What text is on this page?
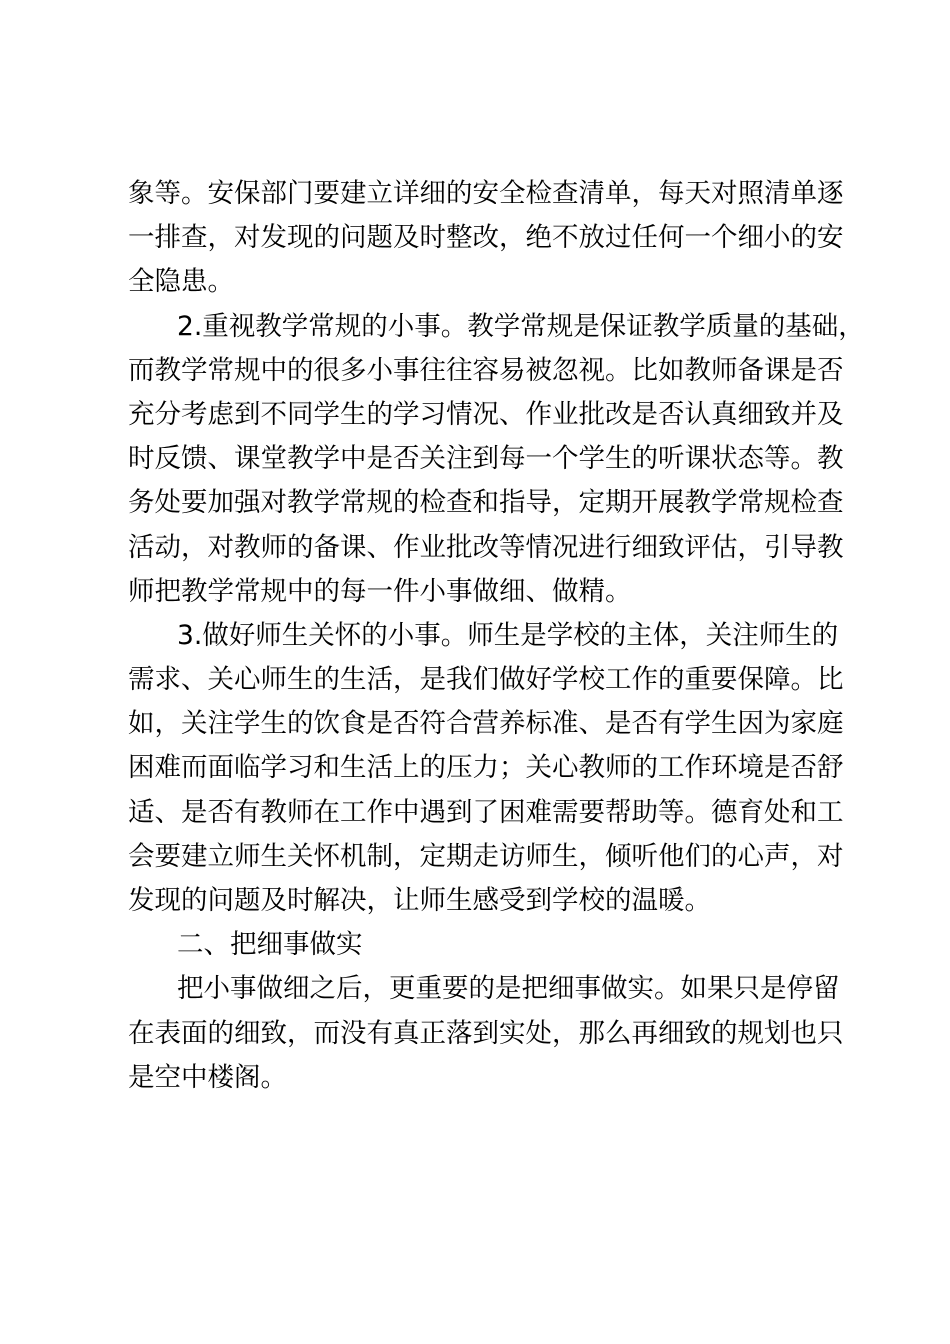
象等。安保部门要建立详细的安全检查清单，每天对照清单逐
一排查，对发现的问题及时整改，绝不放过任何一个细小的安
全隐患。
2.重视教学常规的小事。教学常规是保证教学质量的基础，
而教学常规中的很多小事往往容易被忽视。比如教师备课是否
充分考虑到不同学生的学习情况、作业批改是否认真细致并及
时反馈、课堂教学中是否关注到每一个学生的听课状态等。教
务处要加强对教学常规的检查和指导，定期开展教学常规检查
活动，对教师的备课、作业批改等情况进行细致评估，引导教
师把教学常规中的每一件小事做细、做精。
3.做好师生关怀的小事。师生是学校的主体，关注师生的
需求、关心师生的生活，是我们做好学校工作的重要保障。比
如，关注学生的饮食是否符合营养标准、是否有学生因为家庭
困难而面临学习和生活上的压力；关心教师的工作环境是否舒
适、是否有教师在工作中遇到了困难需要帮助等。德育处和工
会要建立师生关怀机制，定期走访师生，倾听他们的心声，对
发现的问题及时解决，让师生感受到学校的温暖。
二、把细事做实
把小事做细之后，更重要的是把细事做实。如果只是停留
在表面的细致，而没有真正落到实处，那么再细致的规划也只
是空中楼阁。
